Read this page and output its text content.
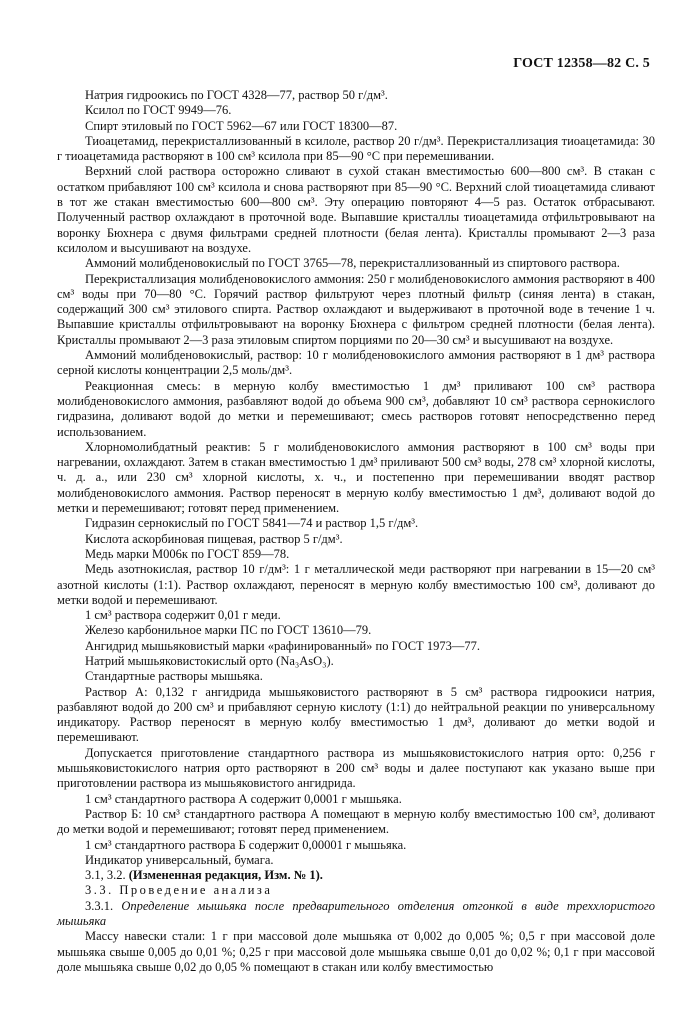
ГОСТ 12358—82 С. 5

Натрия гидроокись по ГОСТ 4328—77, раствор 50 г/дм³.

Ксилол по ГОСТ 9949—76.

Спирт этиловый по ГОСТ 5962—67 или ГОСТ 18300—87.

Тиоацетамид, перекристаллизованный в ксилоле, раствор 20 г/дм³. Перекристаллизация тиоацетамида: 30 г тиоацетамида растворяют в 100 см³ ксилола при 85—90 °С при перемешивании.

Верхний слой раствора осторожно сливают в сухой стакан вместимостью 600—800 см³. В стакан с остатком прибавляют 100 см³ ксилола и снова растворяют при 85—90 °С. Верхний слой тиоацетамида сливают в тот же стакан вместимостью 600—800 см³. Эту операцию повторяют 4—5 раз. Остаток отбрасывают. Полученный раствор охлаждают в проточной воде. Выпавшие кристаллы тиоацетамида отфильтровывают на воронку Бюхнера с двумя фильтрами средней плотности (белая лента). Кристаллы промывают 2—3 раза ксилолом и высушивают на воздухе.

Аммоний молибденовокислый по ГОСТ 3765—78, перекристаллизованный из спиртового раствора.

Перекристаллизация молибденовокислого аммония: 250 г молибденовокислого аммония растворяют в 400 см³ воды при 70—80 °С. Горячий раствор фильтруют через плотный фильтр (синяя лента) в стакан, содержащий 300 см³ этилового спирта. Раствор охлаждают и выдерживают в проточной воде в течение 1 ч. Выпавшие кристаллы отфильтровывают на воронку Бюхнера с фильтром средней плотности (белая лента). Кристаллы промывают 2—3 раза этиловым спиртом порциями по 20—30 см³ и высушивают на воздухе.

Аммоний молибденовокислый, раствор: 10 г молибденовокислого аммония растворяют в 1 дм³ раствора серной кислоты концентрации 2,5 моль/дм³.

Реакционная смесь: в мерную колбу вместимостью 1 дм³ приливают 100 см³ раствора молибденовокислого аммония, разбавляют водой до объема 900 см³, добавляют 10 см³ раствора сернокислого гидразина, доливают водой до метки и перемешивают; смесь растворов готовят непосредственно перед использованием.

Хлорномолибдатный реактив: 5 г молибденовокислого аммония растворяют в 100 см³ воды при нагревании, охлаждают. Затем в стакан вместимостью 1 дм³ приливают 500 см³ воды, 278 см³ хлорной кислоты, ч. д. а., или 230 см³ хлорной кислоты, х. ч., и постепенно при перемешивании вводят раствор молибденовокислого аммония. Раствор переносят в мерную колбу вместимостью 1 дм³, доливают водой до метки и перемешивают; готовят перед применением.

Гидразин сернокислый по ГОСТ 5841—74 и раствор 1,5 г/дм³.

Кислота аскорбиновая пищевая, раствор 5 г/дм³.

Медь марки М006к по ГОСТ 859—78.

Медь азотнокислая, раствор 10 г/дм³: 1 г металлической меди растворяют при нагревании в 15—20 см³ азотной кислоты (1:1). Раствор охлаждают, переносят в мерную колбу вместимостью 100 см³, доливают до метки водой и перемешивают.

1 см³ раствора содержит 0,01 г меди.

Железо карбонильное марки ПС по ГОСТ 13610—79.

Ангидрид мышьяковистый марки «рафинированный» по ГОСТ 1973—77.

Натрий мышьяковистокислый орто (Na₃AsO₃).

Стандартные растворы мышьяка.

Раствор А: 0,132 г ангидрида мышьяковистого растворяют в 5 см³ раствора гидроокиси натрия, разбавляют водой до 200 см³ и прибавляют серную кислоту (1:1) до нейтральной реакции по универсальному индикатору. Раствор переносят в мерную колбу вместимостью 1 дм³, доливают до метки водой и перемешивают.

Допускается приготовление стандартного раствора из мышьяковистокислого натрия орто: 0,256 г мышьяковистокислого натрия орто растворяют в 200 см³ воды и далее поступают как указано выше при приготовлении раствора из мышьяковистого ангидрида.

1 см³ стандартного раствора А содержит 0,0001 г мышьяка.

Раствор Б: 10 см³ стандартного раствора А помещают в мерную колбу вместимостью 100 см³, доливают до метки водой и перемешивают; готовят перед применением.

1 см³ стандартного раствора Б содержит 0,00001 г мышьяка.

Индикатор универсальный, бумага.

3.1, 3.2. (Измененная редакция, Изм. № 1).

3.3. Проведение анализа

3.3.1. Определение мышьяка после предварительного отделения отгонкой в виде треххлористого мышьяка

Массу навески стали: 1 г при массовой доле мышьяка от 0,002 до 0,005 %; 0,5 г при массовой доле мышьяка свыше 0,005 до 0,01 %; 0,25 г при массовой доле мышьяка свыше 0,01 до 0,02 %; 0,1 г при массовой доле мышьяка свыше 0,02 до 0,05 % помещают в стакан или колбу вместимостью
